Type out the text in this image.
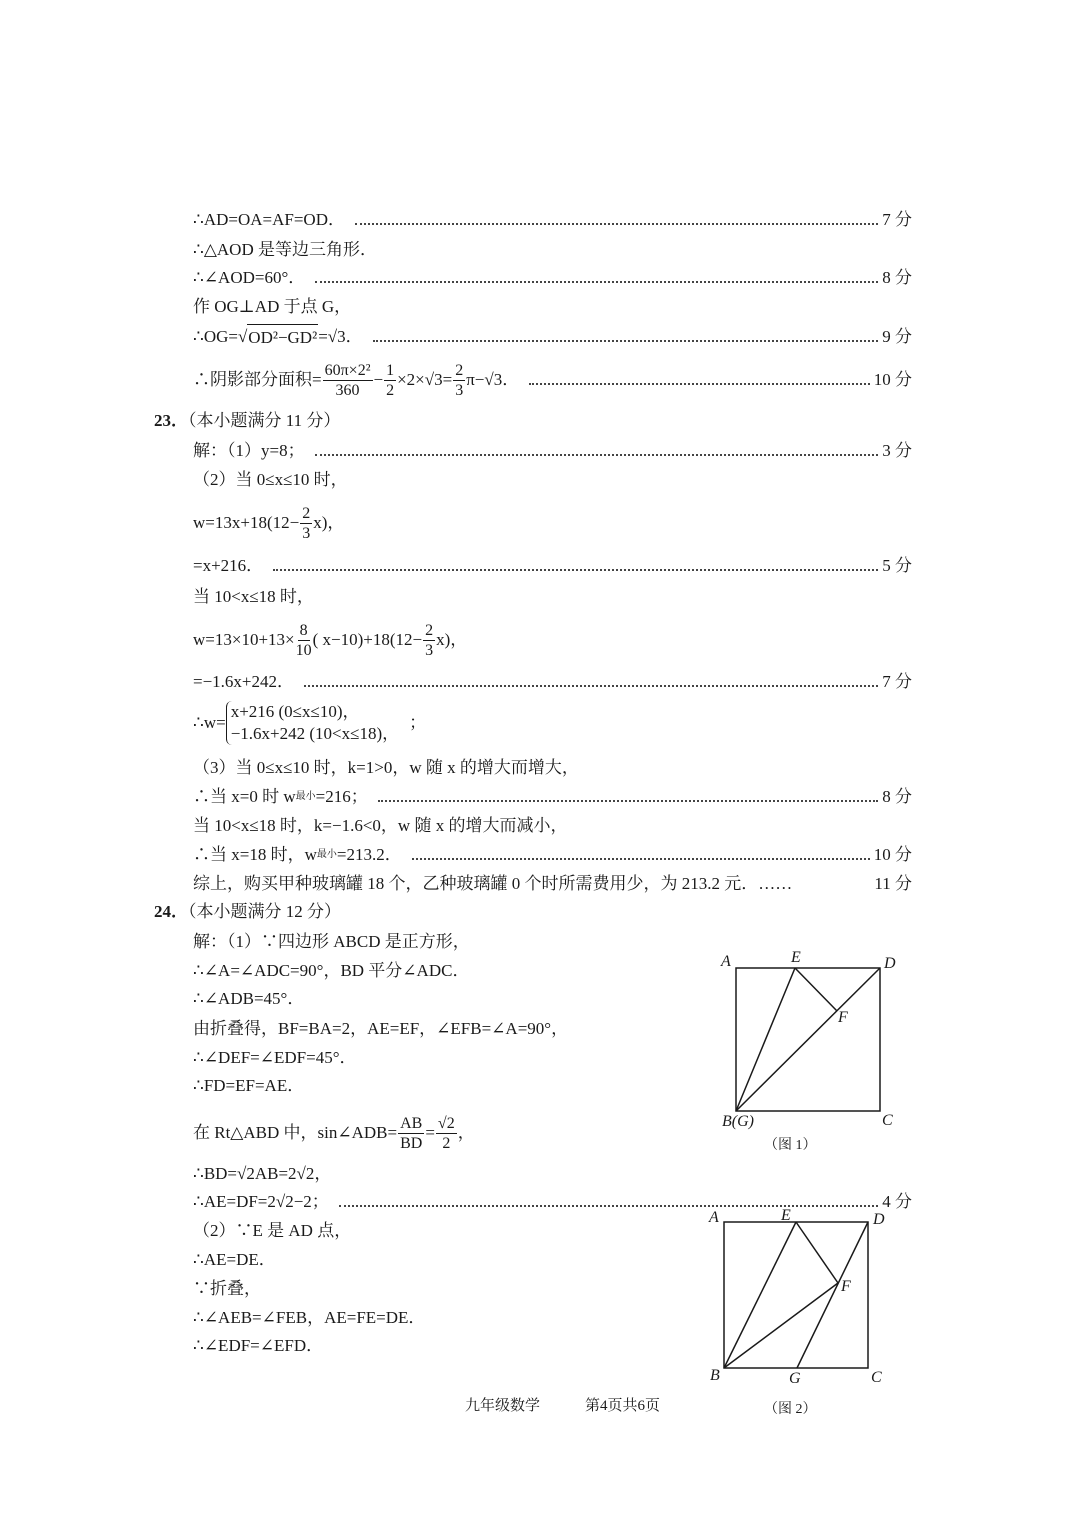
∴AD=OA=AF=OD．	7 分
∴△AOD 是等边三角形．
∴∠AOD=60°．	8 分
作 OG⊥AD 于点 G，
∴OG=√ OD²−GD² =√3．	9 分
∴阴影部分面积= $\frac{\text{60π×2²}}{360} - \frac{1}{2} \times 2\times√3= \frac{2}{3} \pi-√3$．	10 分
23．（本小题满分 11 分）
解：（1）y=8；	3 分
（2）当 0≤x≤10 时，
$w=13x+18(12- \frac{2}{3} x)$，
=x+216．	5 分
当 10<x≤18 时，
$w=13\times 10+13\times \frac{8}{10}$ ( $x-10)+18(12- \frac{2}{3} x)$，
=−1.6x+242．	7 分
∴w=
x+216 (0≤x≤10)，
−1.6x+242 (10<x≤18)，
；
（3）当 0≤x≤10 时，k=1>0，w 随 x 的增大而增大，
∴当 x=0 时 w 最小 =216；	8 分
当 10<x≤18 时，k=−1.6<0，w 随 x 的增大而减小，
∴当 x=18 时，w 最小 =213.2．	10 分
综上，购买甲种玻璃罐 18 个，乙种玻璃罐 0 个时所需费用少，为 213.2 元．……	11 分
24．（本小题满分 12 分）
解：（1）∵四边形 ABCD 是正方形，
∴∠A=∠ADC=90°，BD 平分∠ADC．
∴∠ADB=45°．
由折叠得，BF=BA=2，AE=EF，∠EFB=∠A=90°，
∴∠DEF=∠EDF=45°．
∴FD=EF=AE．
在 Rt△ABD 中，sin∠ADB= $\frac{AB}{BD} = \frac{√2}{2}$ ，
∴BD=√2AB=2√2，
∴AE=DF=2√2−2；	4 分
（2）∵E 是 AD 点，
∴AE=DE．
∵折叠，
∴∠AEB=∠FEB，AE=FE=DE．
∴∠EDF=∠EFD．
A	E	D
F
B(G)	C
（图 1）
A	E	D
F
B	G	C
（图 2）
九年级数学	第4页共6页
